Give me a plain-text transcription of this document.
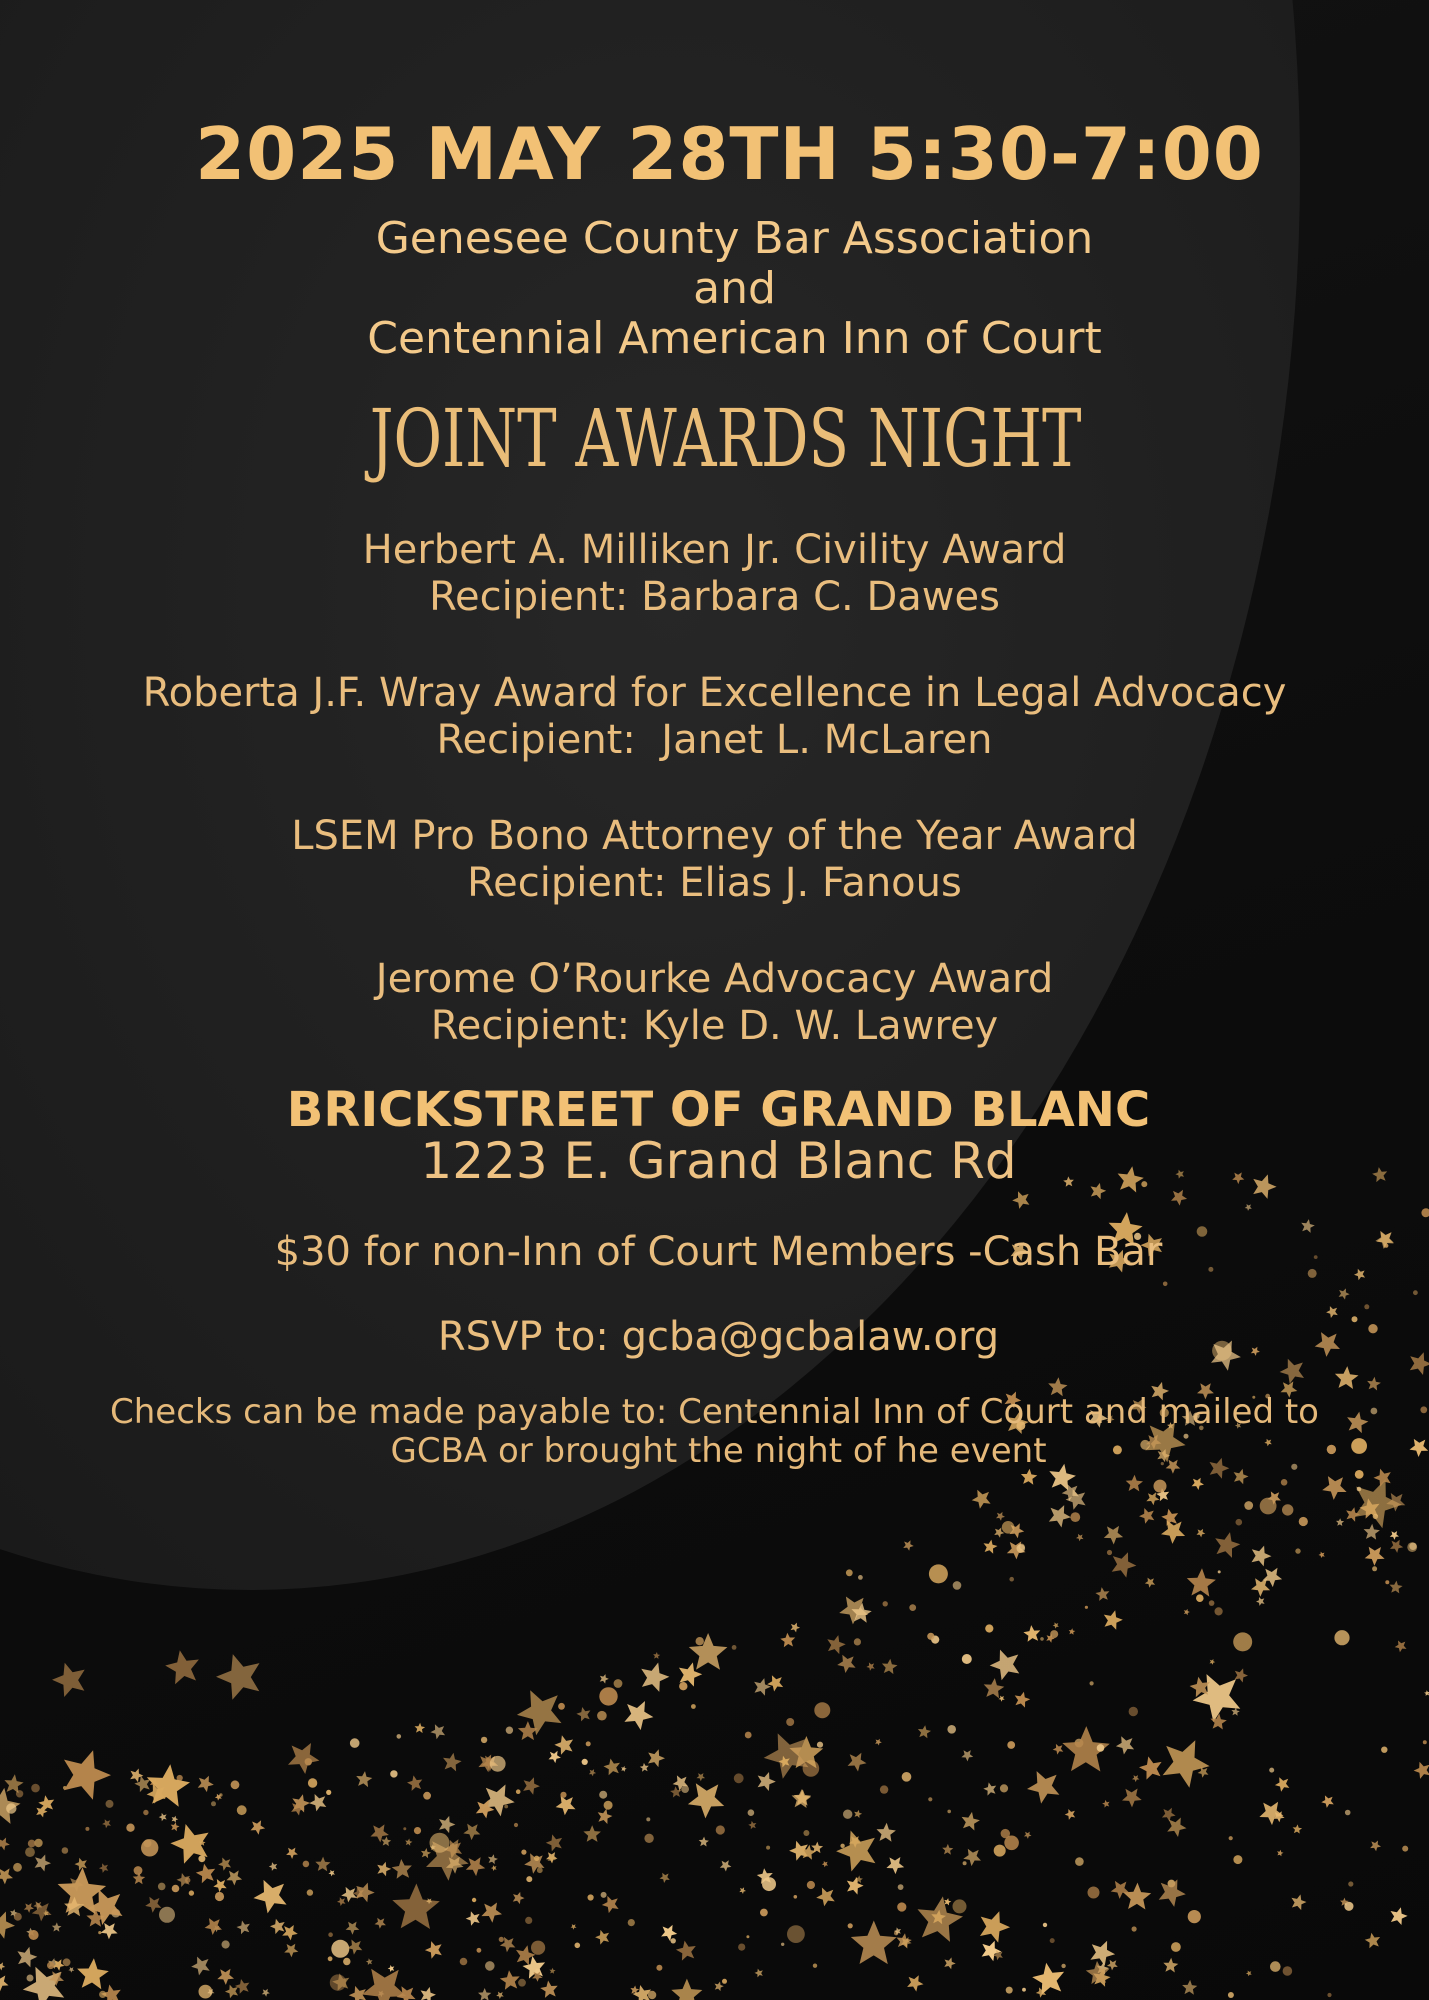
2025 MAY 28TH 5:30-7:00
Genesee County Bar Association
and
Centennial American Inn of Court
JOINT AWARDS NIGHT
Herbert A. Milliken Jr. Civility Award
Recipient: Barbara C. Dawes
Roberta J.F. Wray Award for Excellence in Legal Advocacy
Recipient:  Janet L. McLaren
LSEM Pro Bono Attorney of the Year Award
Recipient: Elias J. Fanous
Jerome O’Rourke Advocacy Award
Recipient: Kyle D. W. Lawrey
BRICKSTREET OF GRAND BLANC
1223 E. Grand Blanc Rd
$30 for non-Inn of Court Members -Cash Bar
RSVP to: gcba@gcbalaw.org
Checks can be made payable to: Centennial Inn of Court and mailed to
GCBA or brought the night of he event
